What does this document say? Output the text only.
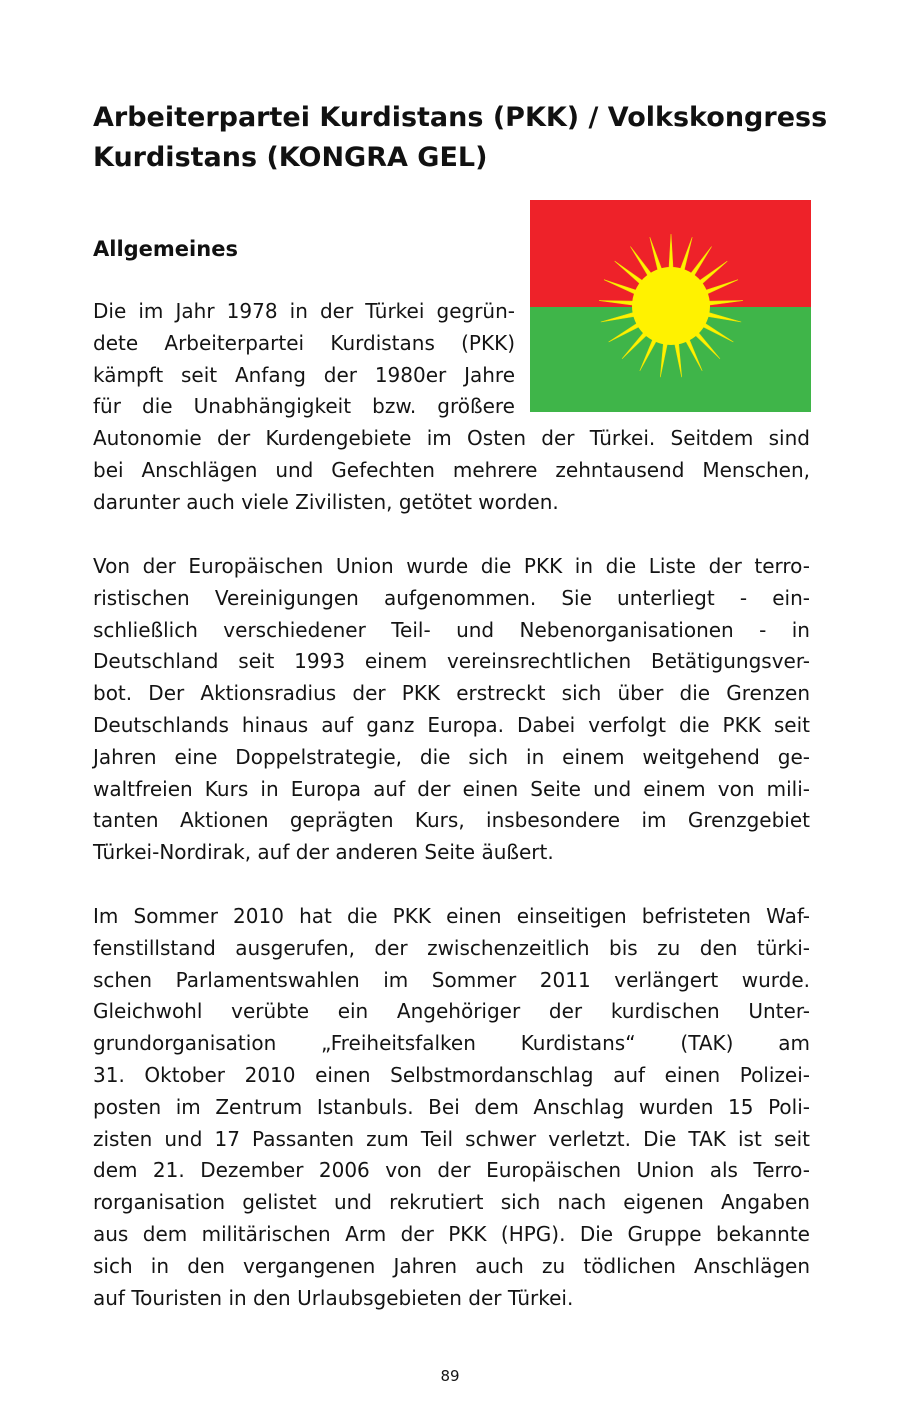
Arbeiterpartei Kurdistans (PKK) / Volkskongress
Kurdistans (KONGRA GEL)
Allgemeines
Die im Jahr 1978 in der Türkei gegrün-
dete Arbeiterpartei Kurdistans (PKK)
kämpft seit Anfang der 1980er Jahre
für die Unabhängigkeit bzw. größere
Autonomie der Kurdengebiete im Osten der Türkei. Seitdem sind
bei Anschlägen und Gefechten mehrere zehntausend Menschen,
darunter auch viele Zivilisten, getötet worden.
Von der Europäischen Union wurde die PKK in die Liste der terro-
ristischen Vereinigungen aufgenommen. Sie unterliegt - ein-
schließlich verschiedener Teil- und Nebenorganisationen - in
Deutschland seit 1993 einem vereinsrechtlichen Betätigungsver-
bot. Der Aktionsradius der PKK erstreckt sich über die Grenzen
Deutschlands hinaus auf ganz Europa. Dabei verfolgt die PKK seit
Jahren eine Doppelstrategie, die sich in einem weitgehend ge-
waltfreien Kurs in Europa auf der einen Seite und einem von mili-
tanten Aktionen geprägten Kurs, insbesondere im Grenzgebiet
Türkei-Nordirak, auf der anderen Seite äußert.
Im Sommer 2010 hat die PKK einen einseitigen befristeten Waf-
fenstillstand ausgerufen, der zwischenzeitlich bis zu den türki-
schen Parlamentswahlen im Sommer 2011 verlängert wurde.
Gleichwohl verübte ein Angehöriger der kurdischen Unter-
grundorganisation „Freiheitsfalken Kurdistans“ (TAK) am
31. Oktober 2010 einen Selbstmordanschlag auf einen Polizei-
posten im Zentrum Istanbuls. Bei dem Anschlag wurden 15 Poli-
zisten und 17 Passanten zum Teil schwer verletzt. Die TAK ist seit
dem 21. Dezember 2006 von der Europäischen Union als Terro-
rorganisation gelistet und rekrutiert sich nach eigenen Angaben
aus dem militärischen Arm der PKK (HPG). Die Gruppe bekannte
sich in den vergangenen Jahren auch zu tödlichen Anschlägen
auf Touristen in den Urlaubsgebieten der Türkei.
89
